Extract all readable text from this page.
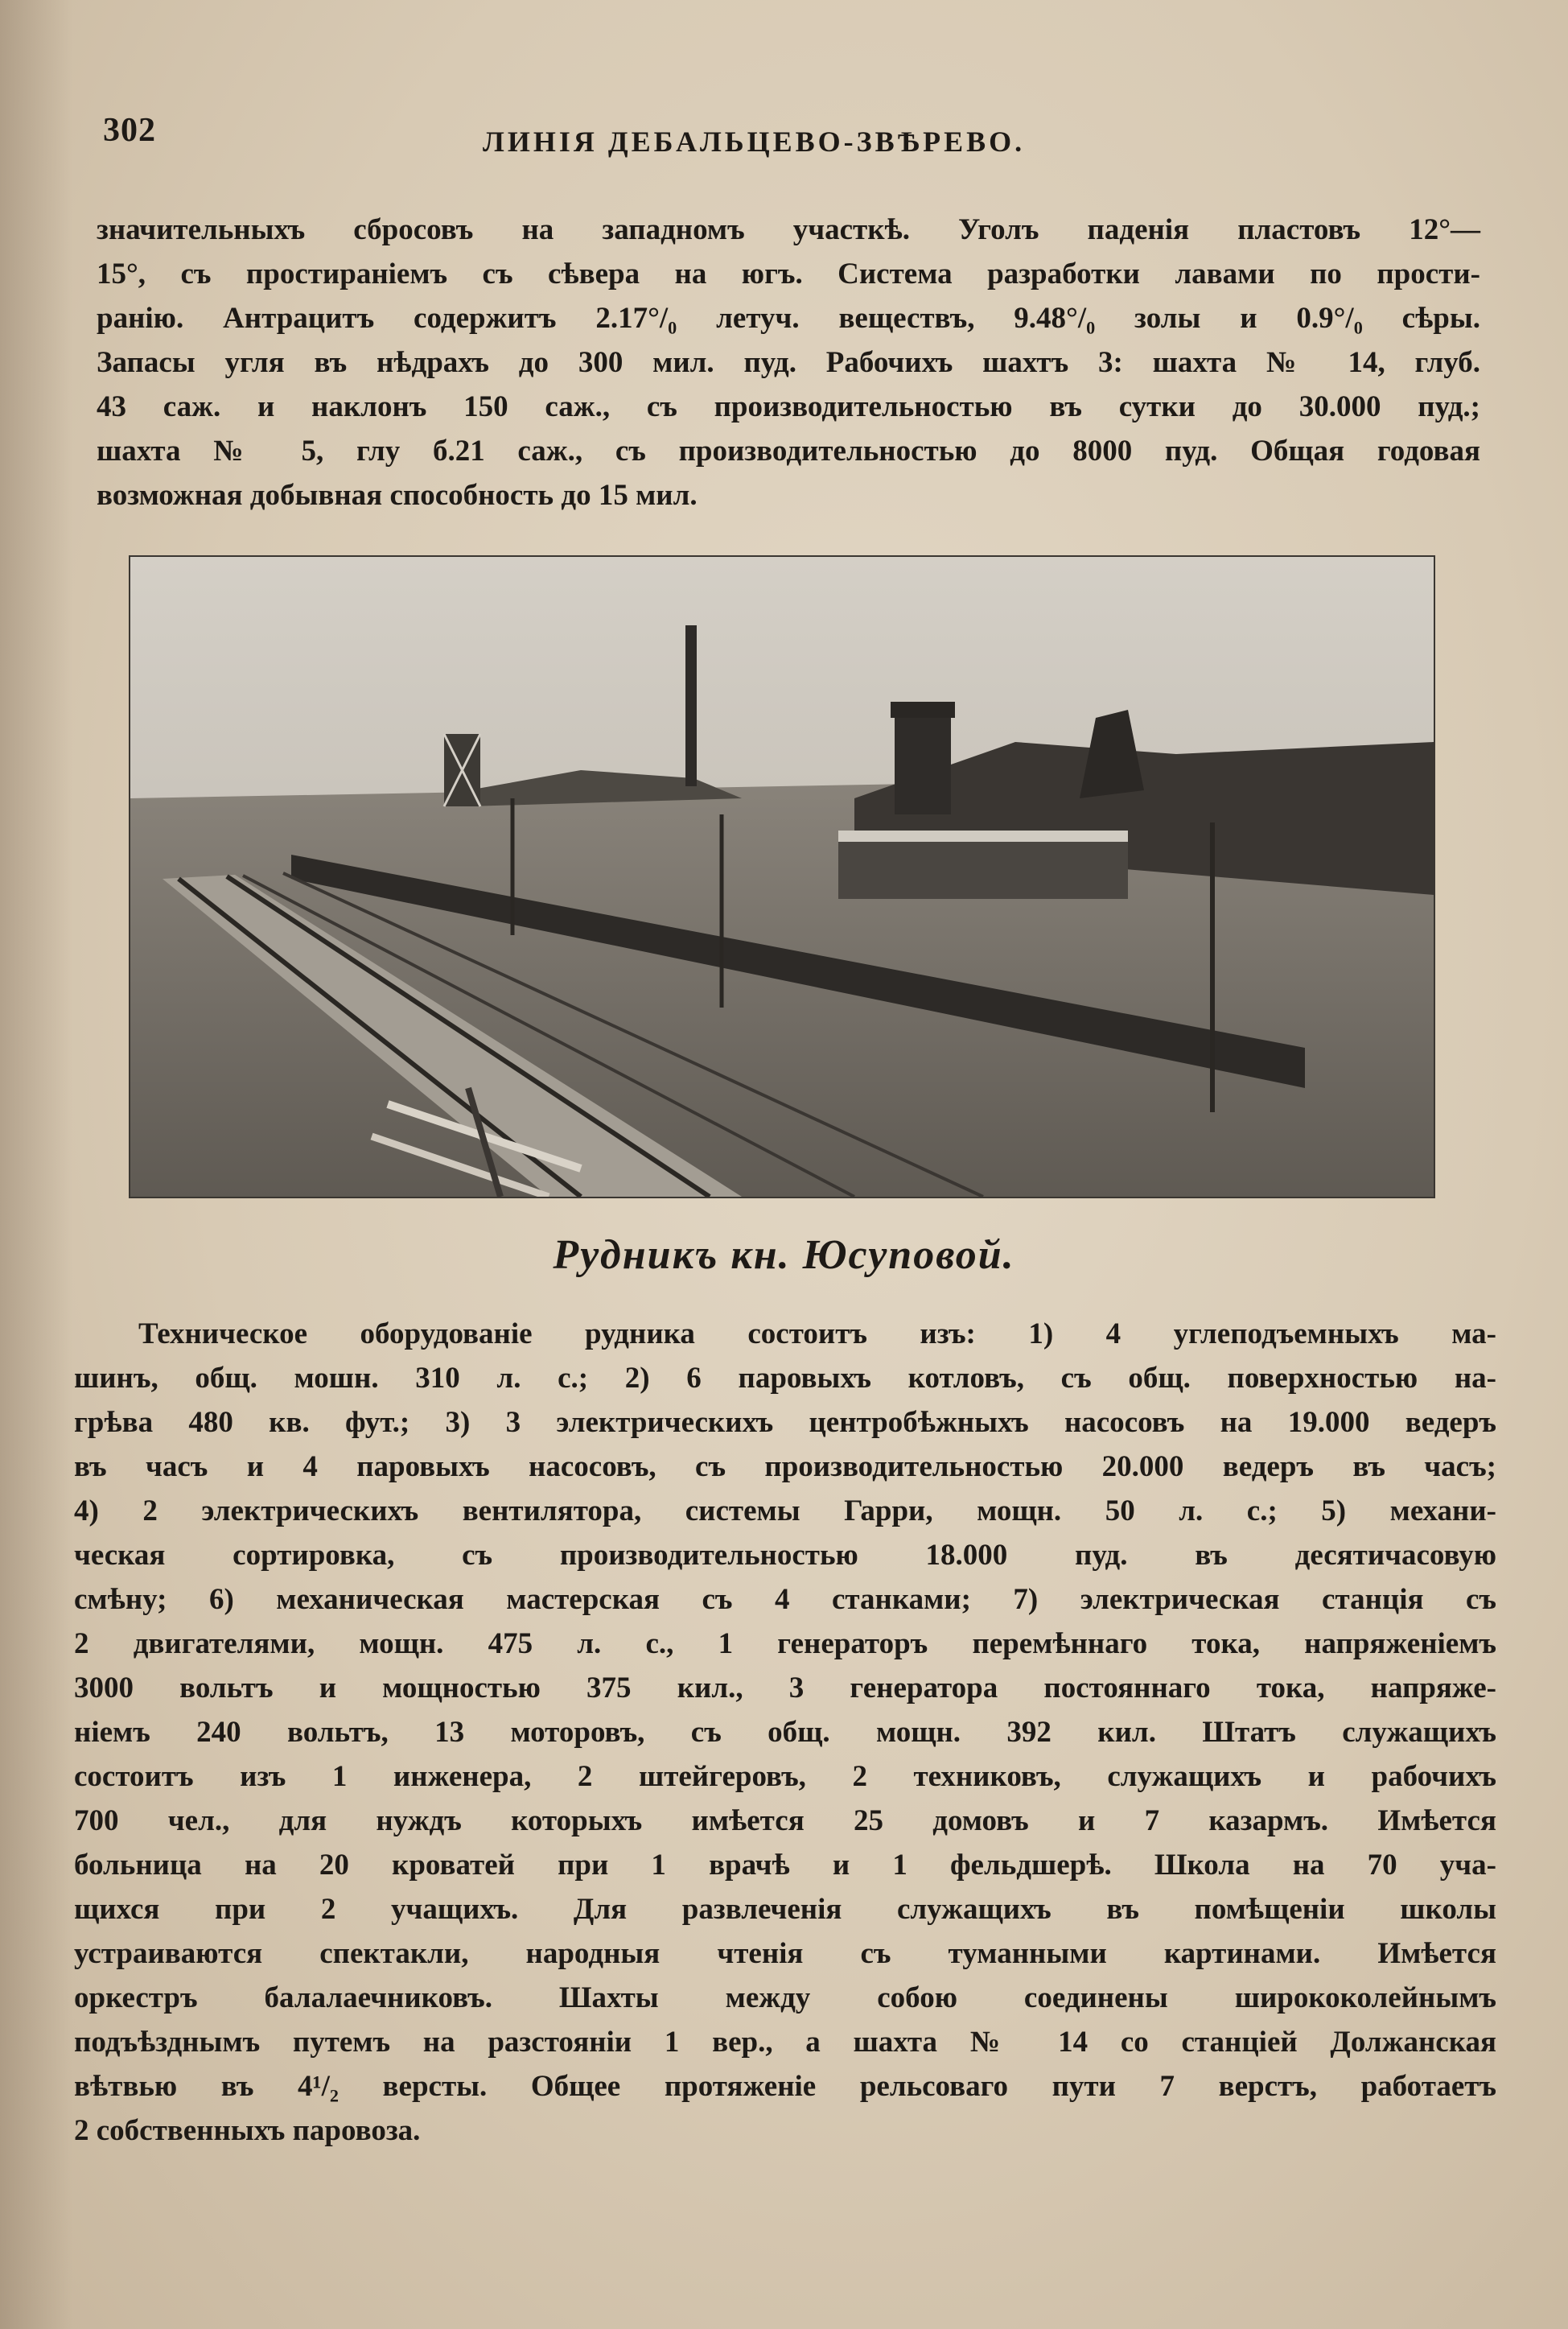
302	ЛИНІЯ ДЕБАЛЬЦЕВО-ЗВѢРЕВО.
значительныхъ сбросовъ на западномъ участкѣ. Уголъ паденія пластовъ 12°—
15°, съ простираніемъ съ сѣвера на югъ. Система разработки лавами по прости-
ранію. Антрацитъ содержитъ 2.17°/₀ летуч. веществъ, 9.48°/₀ золы и 0.9°/₀ сѣры.
Запасы угля въ нѣдрахъ до 300 мил. пуд. Рабочихъ шахтъ 3: шахта № 14, глуб.
43 саж. и наклонъ 150 саж., съ производительностью въ сутки до 30.000 пуд.;
шахта № 5, глу б.21 саж., съ производительностью до 8000 пуд. Общая годовая
возможная добывная способность до 15 мил.
Рудникъ кн. Юсуповой.
Техническое оборудованіе рудника состоитъ изъ: 1) 4 углеподъемныхъ ма-
шинъ, общ. мошн. 310 л. с.; 2) 6 паровыхъ котловъ, съ общ. поверхностью на-
грѣва 480 кв. фут.; 3) 3 электрическихъ центробѣжныхъ насосовъ на 19.000 ведеръ
въ часъ и 4 паровыхъ насосовъ, съ производительностью 20.000 ведеръ въ часъ;
4) 2 электрическихъ вентилятора, системы Гарри, мощн. 50 л. с.; 5) механи-
ческая сортировка, съ производительностью 18.000 пуд. въ десятичасовую
смѣну; 6) механическая мастерская съ 4 станками; 7) электрическая станція съ
2 двигателями, мощн. 475 л. с., 1 генераторъ перемѣннаго тока, напряженіемъ
3000 вольтъ и мощностью 375 кил., 3 генератора постояннаго тока, напряже-
ніемъ 240 вольтъ, 13 моторовъ, съ общ. мощн. 392 кил. Штатъ служащихъ
состоитъ изъ 1 инженера, 2 штейгеровъ, 2 техниковъ, служащихъ и рабочихъ
700 чел., для нуждъ которыхъ имѣется 25 домовъ и 7 казармъ. Имѣется
больница на 20 кроватей при 1 врачѣ и 1 фельдшерѣ. Школа на 70 уча-
щихся при 2 учащихъ. Для развлеченія служащихъ въ помѣщеніи школы
устраиваются спектакли, народныя чтенія съ туманными картинами. Имѣется
оркестръ балалаечниковъ. Шахты между собою соединены ширококолейнымъ
подъѣзднымъ путемъ на разстояніи 1 вер., а шахта № 14 со станціей Должанская
вѣтвью въ 4¹/₂ версты. Общее протяженіе рельсоваго пути 7 верстъ, работаетъ
2 собственныхъ паровоза.
